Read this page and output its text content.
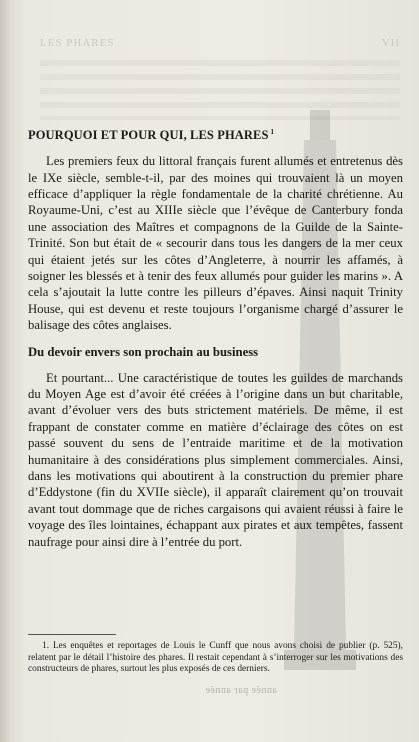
LES PHARES	VII
POURQUOI ET POUR QUI, LES PHARES $^1$

Les premiers feux du littoral français furent allumés et entretenus dès le IXe siècle, semble-t-il, par des moines qui trouvaient là un moyen efficace d’appliquer la règle fondamentale de la charité chrétienne. Au Royaume-Uni, c’est au XIIIe siècle que l’évêque de Canterbury fonda une association des Maîtres et compagnons de la Guilde de la Sainte-Trinité. Son but était de « secourir dans tous les dangers de la mer ceux qui étaient jetés sur les côtes d’Angleterre, à nourrir les affamés, à soigner les blessés et à tenir des feux allumés pour guider les marins ». A cela s’ajoutait la lutte contre les pilleurs d’épaves. Ainsi naquit Trinity House, qui est devenu et reste toujours l’organisme chargé d’assurer le balisage des côtes anglaises.

Du devoir envers son prochain au business

Et pourtant... Une caractéristique de toutes les guildes de marchands du Moyen Age est d’avoir été créées à l’origine dans un but charitable, avant d’évoluer vers des buts strictement matériels. De même, il est frappant de constater comme en matière d’éclairage des côtes on est passé souvent du sens de l’entraide maritime et de la motivation humanitaire à des considérations plus simplement commerciales. Ainsi, dans les motivations qui aboutirent à la construction du premier phare d’Eddystone (fin du XVIIe siècle), il apparaît clairement qu’on trouvait avant tout dommage que de riches cargaisons qui avaient réussi à faire le voyage des îles lointaines, échappant aux pirates et aux tempêtes, fassent naufrage pour ainsi dire à l’entrée du port.

1. Les enquêtes et reportages de Louis le Cunff que nous avons choisi de publier (p. 525), relatent par le détail l’histoire des phares. Il restait cependant à s’interroger sur les motivations des constructeurs de phares, surtout les plus exposés de ces derniers.
année par année
